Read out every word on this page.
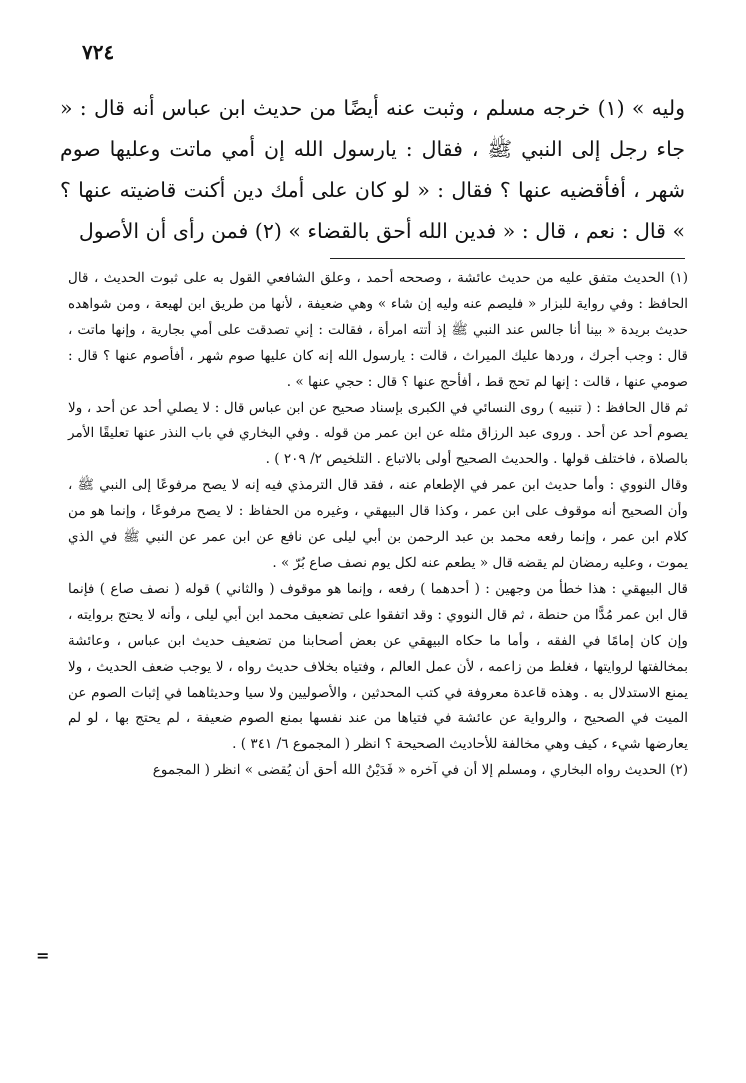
٧٢٤

وليه » (١) خرجه مسلم ، وثبت عنه أيضًا من حديث ابن عباس أنه قال : « جاء رجل إلى النبي ﷺ ، فقال : يارسول الله إن أمي ماتت وعليها صوم شهر ، أفأقضيه عنها ؟ فقال : « لو كان على أمك دين أكنت قاضيته عنها ؟ » قال : نعم ، قال : « فدين الله أحق بالقضاء » (٢) فمن رأى أن الأصول

(١) الحديث متفق عليه من حديث عائشة ، وصححه أحمد ، وعلق الشافعي القول به على ثبوت الحديث ، قال الحافظ : وفي رواية للبزار « فليصم عنه وليه إن شاء » وهي ضعيفة ، لأنها من طريق ابن لهيعة ، ومن شواهده حديث بريدة « بينا أنا جالس عند النبي ﷺ إذ أتته امرأة ، فقالت : إني تصدقت على أمي بجارية ، وإنها ماتت ، قال : وجب أجرك ، وردها عليك الميراث ، قالت : يارسول الله إنه كان عليها صوم شهر ، أفأصوم عنها ؟ قال : صومي عنها ، قالت : إنها لم تحج قط ، أفأحج عنها ؟ قال : حجي عنها » .

ثم قال الحافظ : ( تنبيه ) روى النسائي في الكبرى بإسناد صحيح عن ابن عباس قال : لا يصلي أحد عن أحد ، ولا يصوم أحد عن أحد . وروى عبد الرزاق مثله عن ابن عمر من قوله . وفي البخاري في باب النذر عنها تعليقًا الأمر بالصلاة ، فاختلف قولها . والحديث الصحيح أولى بالاتباع . التلخيص ٢/ ٢٠٩ ) .

وقال النووي : وأما حديث ابن عمر في الإطعام عنه ، فقد قال الترمذي فيه إنه لا يصح مرفوعًا إلى النبي ﷺ ، وأن الصحيح أنه موقوف على ابن عمر ، وكذا قال البيهقي ، وغيره من الحفاظ : لا يصح مرفوعًا ، وإنما هو من كلام ابن عمر ، وإنما رفعه محمد بن عبد الرحمن بن أبي ليلى عن نافع عن ابن عمر عن النبي ﷺ في الذي يموت ، وعليه رمضان لم يقضه قال « يطعم عنه لكل يوم نصف صاع بُرّ » .

قال البيهقي : هذا خطأ من وجهين : ( أحدهما ) رفعه ، وإنما هو موقوف ( والثاني ) قوله ( نصف صاع ) فإنما قال ابن عمر مُدًّا من حنطة ، ثم قال النووي : وقد اتفقوا على تضعيف محمد ابن أبي ليلى ، وأنه لا يحتج بروايته ، وإن كان إمامًا في الفقه ، وأما ما حكاه البيهقي عن بعض أصحابنا من تضعيف حديث ابن عباس ، وعائشة بمخالفتها لروايتها ، فغلط من زاعمه ، لأن عمل العالم ، وفتياه بخلاف حديث رواه ، لا يوجب ضعف الحديث ، ولا يمنع الاستدلال به . وهذه قاعدة معروفة في كتب المحدثين ، والأصوليين ولا سيا وحديثاهما في إثبات الصوم عن الميت في الصحيح ، والرواية عن عائشة في فتياها من عند نفسها بمنع الصوم ضعيفة ، لم يحتج بها ، لو لم يعارضها شيء ، كيف وهي مخالفة للأحاديث الصحيحة ؟ انظر ( المجموع ٦/ ٣٤١ ) .

(٢) الحديث رواه البخاري ، ومسلم إلا أن في آخره « فَدَيْنُ الله أحق أن يُقضى » انظر ( المجموع

=
